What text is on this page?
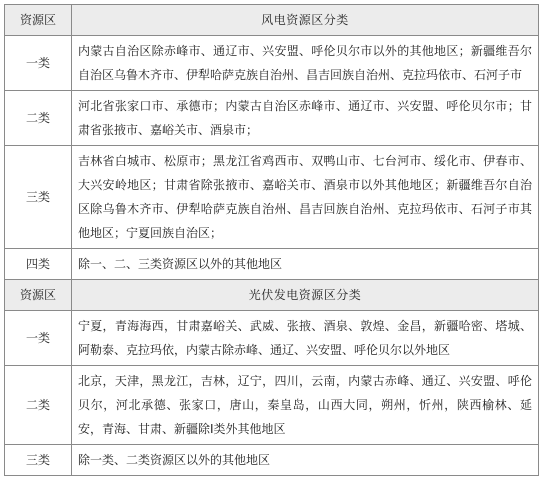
资源区	风电资源区分类
一类	内蒙古自治区除赤峰市、通辽市、兴安盟、呼伦贝尔市以外的其他地区；新疆维吾尔自治区乌鲁木齐市、伊犁哈萨克族自治州、昌吉回族自治州、克拉玛依市、石河子市
二类	河北省张家口市、承德市；内蒙古自治区赤峰市、通辽市、兴安盟、呼伦贝尔市；甘肃省张掖市、嘉峪关市、酒泉市；
三类	吉林省白城市、松原市；黑龙江省鸡西市、双鸭山市、七台河市、绥化市、伊春市、大兴安岭地区；甘肃省除张掖市、嘉峪关市、酒泉市以外其他地区；新疆维吾尔自治区除乌鲁木齐市、伊犁哈萨克族自治州、昌吉回族自治州、克拉玛依市、石河子市其他地区；宁夏回族自治区；
四类	除一、二、三类资源区以外的其他地区
资源区	光伏发电资源区分类
一类	宁夏，青海海西，甘肃嘉峪关、武威、张掖、酒泉、敦煌、金昌，新疆哈密、塔城、阿勒泰、克拉玛依，内蒙古除赤峰、通辽、兴安盟、呼伦贝尔以外地区
二类	北京，天津，黑龙江，吉林，辽宁，四川，云南，内蒙古赤峰、通辽、兴安盟、呼伦贝尔，河北承德、张家口，唐山，秦皇岛，山西大同，朔州，忻州，陕西榆林、延安，青海、甘肃、新疆除Ⅰ类外其他地区
三类	除一类、二类资源区以外的其他地区
